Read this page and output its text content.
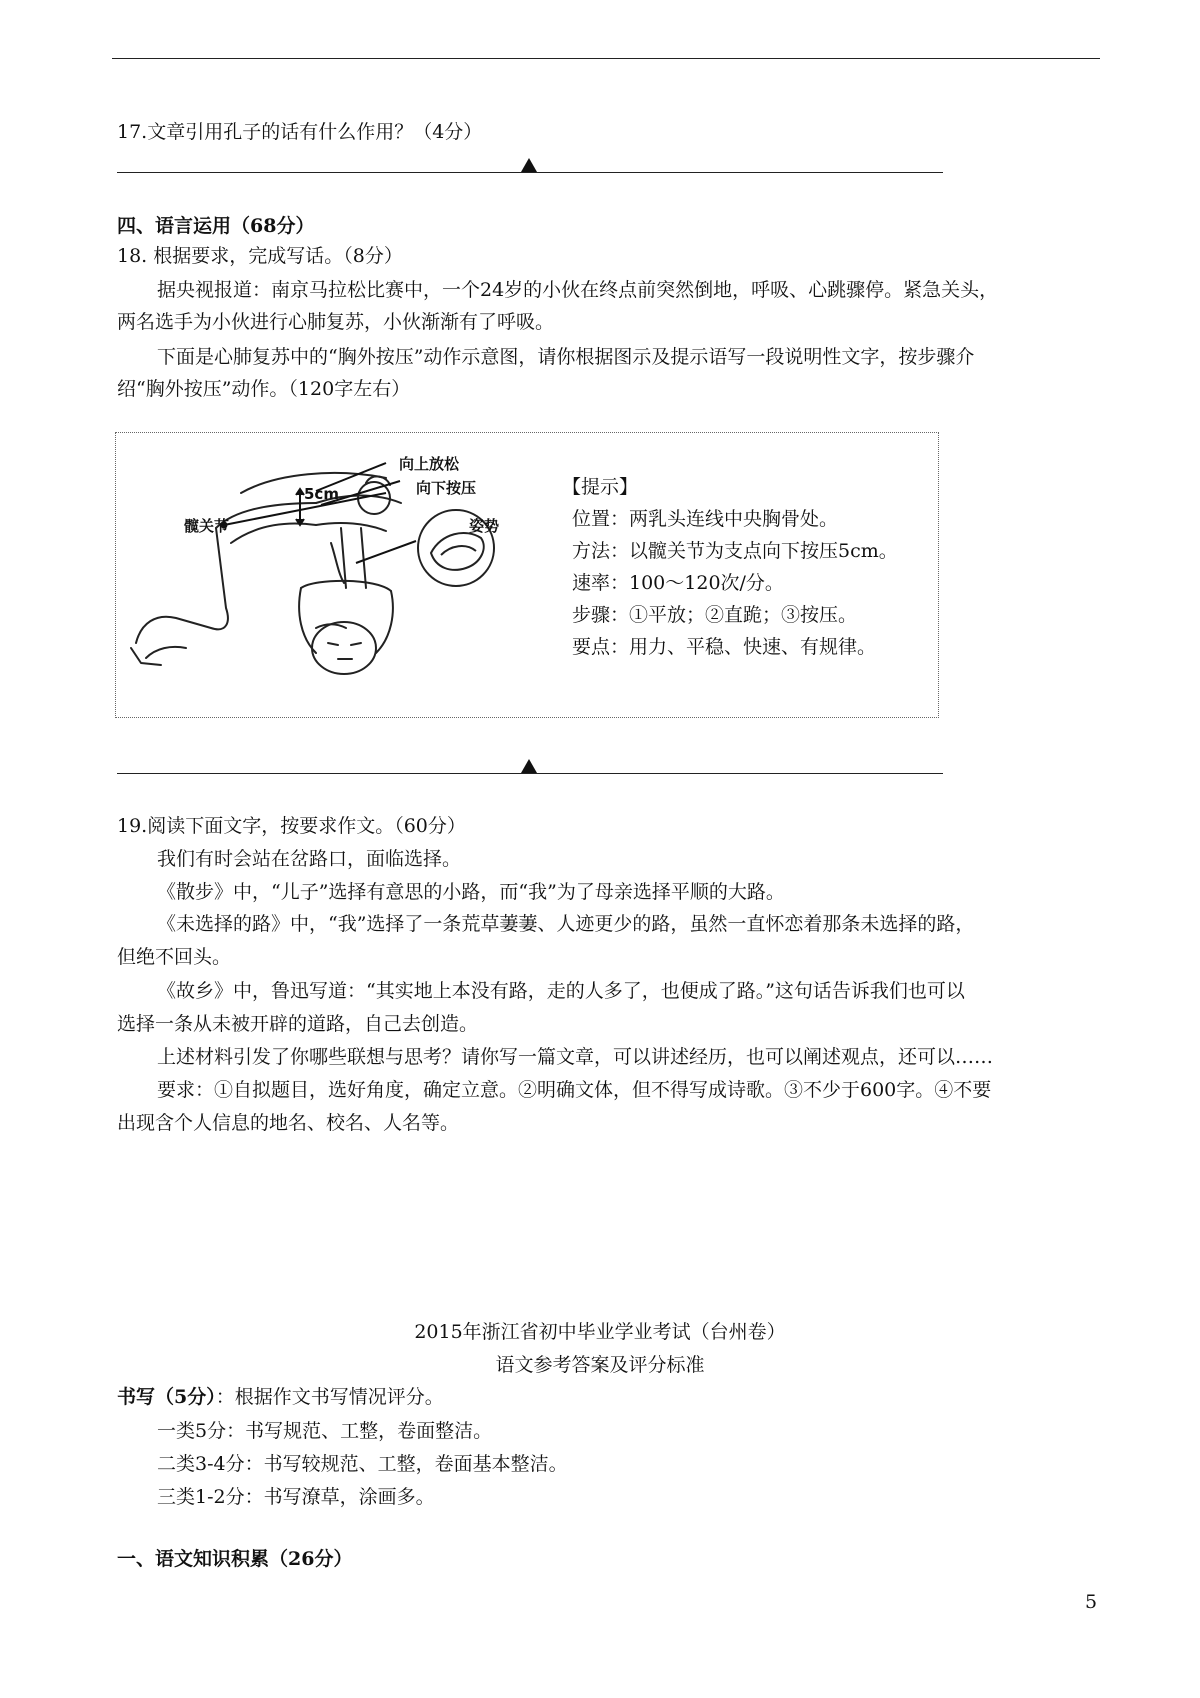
17.文章引用孔子的话有什么作用？（4分）
四、语言运用（68分）
18. 根据要求，完成写话。（8分）
据央视报道：南京马拉松比赛中，一个24岁的小伙在终点前突然倒地，呼吸、心跳骤停。紧急关头，
两名选手为小伙进行心肺复苏，小伙渐渐有了呼吸。
下面是心肺复苏中的“胸外按压”动作示意图，请你根据图示及提示语写一段说明性文字，按步骤介
绍“胸外按压”动作。（120字左右）
向上放松
向下按压
5cm
髋关节	姿势
【提示】
位置：两乳头连线中央胸骨处。
方法：以髋关节为支点向下按压5cm。
速率：100～120次/分。
步骤：①平放；②直跪；③按压。
要点：用力、平稳、快速、有规律。
19.阅读下面文字，按要求作文。（60分）
我们有时会站在岔路口，面临选择。
《散步》中，“儿子”选择有意思的小路，而“我”为了母亲选择平顺的大路。
《未选择的路》中，“我”选择了一条荒草萋萋、人迹更少的路，虽然一直怀恋着那条未选择的路，
但绝不回头。
《故乡》中，鲁迅写道：“其实地上本没有路，走的人多了，也便成了路。”这句话告诉我们也可以
选择一条从未被开辟的道路，自己去创造。
上述材料引发了你哪些联想与思考？请你写一篇文章，可以讲述经历，也可以阐述观点，还可以……
要求：①自拟题目，选好角度，确定立意。②明确文体，但不得写成诗歌。③不少于600字。④不要
出现含个人信息的地名、校名、人名等。
2015年浙江省初中毕业学业考试（台州卷）
语文参考答案及评分标准
书写（5分）：根据作文书写情况评分。
一类5分：书写规范、工整，卷面整洁。
二类3-4分：书写较规范、工整，卷面基本整洁。
三类1-2分：书写潦草，涂画多。
一、语文知识积累（26分）
5
